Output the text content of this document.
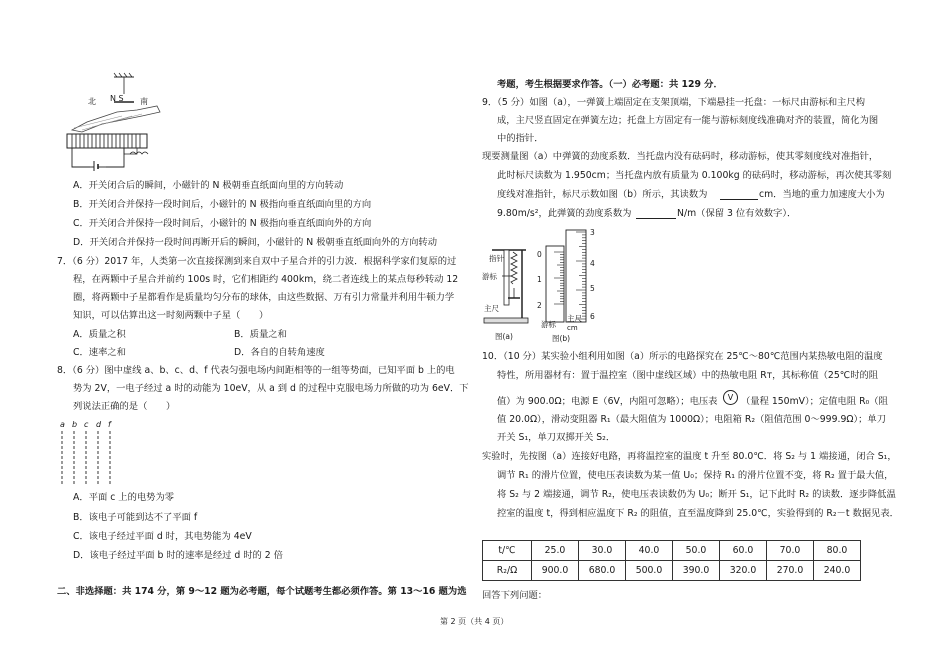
北 N S 南
A．开关闭合后的瞬间，小磁针的 N 极朝垂直纸面向里的方向转动
B．开关闭合并保持一段时间后，小磁针的 N 极指向垂直纸面向里的方向
C．开关闭合并保持一段时间后，小磁针的 N 极指向垂直纸面向外的方向
D．开关闭合并保持一段时间再断开后的瞬间，小磁针的 N 极朝垂直纸面向外的方向转动
7．（6 分）2017 年，人类第一次直接探测到来自双中子星合并的引力波．根据科学家们复原的过
程，在两颗中子星合并前约 100s 时，它们相距约 400km，绕二者连线上的某点每秒转动 12
圈，将两颗中子星都看作是质量均匀分布的球体，由这些数据、万有引力常量并利用牛顿力学
知识，可以估算出这一时刻两颗中子星（　　）
A．质量之积	B．质量之和
C．速率之和	D．各自的自转角速度
8．（6 分）图中虚线 a、b、c、d、f 代表匀强电场内间距相等的一组等势面，已知平面 b 上的电
势为 2V，一电子经过 a 时的动能为 10eV，从 a 到 d 的过程中克服电场力所做的功为 6eV．下
列说法正确的是（　　）
a b c d f
A．平面 c 上的电势为零
B．该电子可能到达不了平面 f
C．该电子经过平面 d 时，其电势能为 4eV
D．该电子经过平面 b 时的速率是经过 d 时的 2 倍
二、非选择题：共 174 分，第 9～12 题为必考题，每个试题考生都必须作答。第 13～16 题为选
考题，考生根据要求作答。（一）必考题：共 129 分．
9．（5 分）如图（a），一弹簧上端固定在支架顶端，下端悬挂一托盘：一标尺由游标和主尺构
成，主尺竖直固定在弹簧左边；托盘上方固定有一能与游标刻度线准确对齐的装置，简化为图
中的指针．
现要测量图（a）中弹簧的劲度系数．当托盘内没有砝码时，移动游标，使其零刻度线对准指针，
此时标尺读数为 1.950cm；当托盘内放有质量为 0.100kg 的砝码时，移动游标，再次使其零刻
度线对准指针，标尺示数如图（b）所示，其读数为	cm．当地的重力加速度大小为
9.80m/s²，此弹簧的劲度系数为	N/m（保留 3 位有效数字）．
指针
游标
主尺
图(a)
3
4
5
6
0
1
2
游标
主尺
cm
图(b)
10．（10 分）某实验小组利用如图（a）所示的电路探究在 25℃～80℃范围内某热敏电阻的温度
特性，所用器材有：置于温控室（图中虚线区域）中的热敏电阻 Rт，其标称值（25℃时的阻
值）为 900.0Ω；电源 E（6V，内阻可忽略）；电压表	V （量程 150mV）；定值电阻 R₀（阻
值 20.0Ω），滑动变阻器 R₁（最大阻值为 1000Ω）；电阻箱 R₂（阻值范围 0～999.9Ω）；单刀
开关 S₁，单刀双掷开关 S₂．
实验时，先按图（a）连接好电路，再将温控室的温度 t 升至 80.0℃．将 S₂ 与 1 端接通，闭合 S₁，
调节 R₁ 的滑片位置，使电压表读数为某一值 U₀；保持 R₁ 的滑片位置不变，将 R₂ 置于最大值，
将 S₂ 与 2 端接通，调节 R₂，使电压表读数仍为 U₀；断开 S₁，记下此时 R₂ 的读数．逐步降低温
控室的温度 t，得到相应温度下 R₂ 的阻值，直至温度降到 25.0℃，实验得到的 R₂－t 数据见表．
t/℃	25.0	30.0	40.0	50.0	60.0	70.0	80.0
R₂/Ω	900.0	680.0	500.0	390.0	320.0	270.0	240.0
回答下列问题：
第 2 页（共 4 页）
